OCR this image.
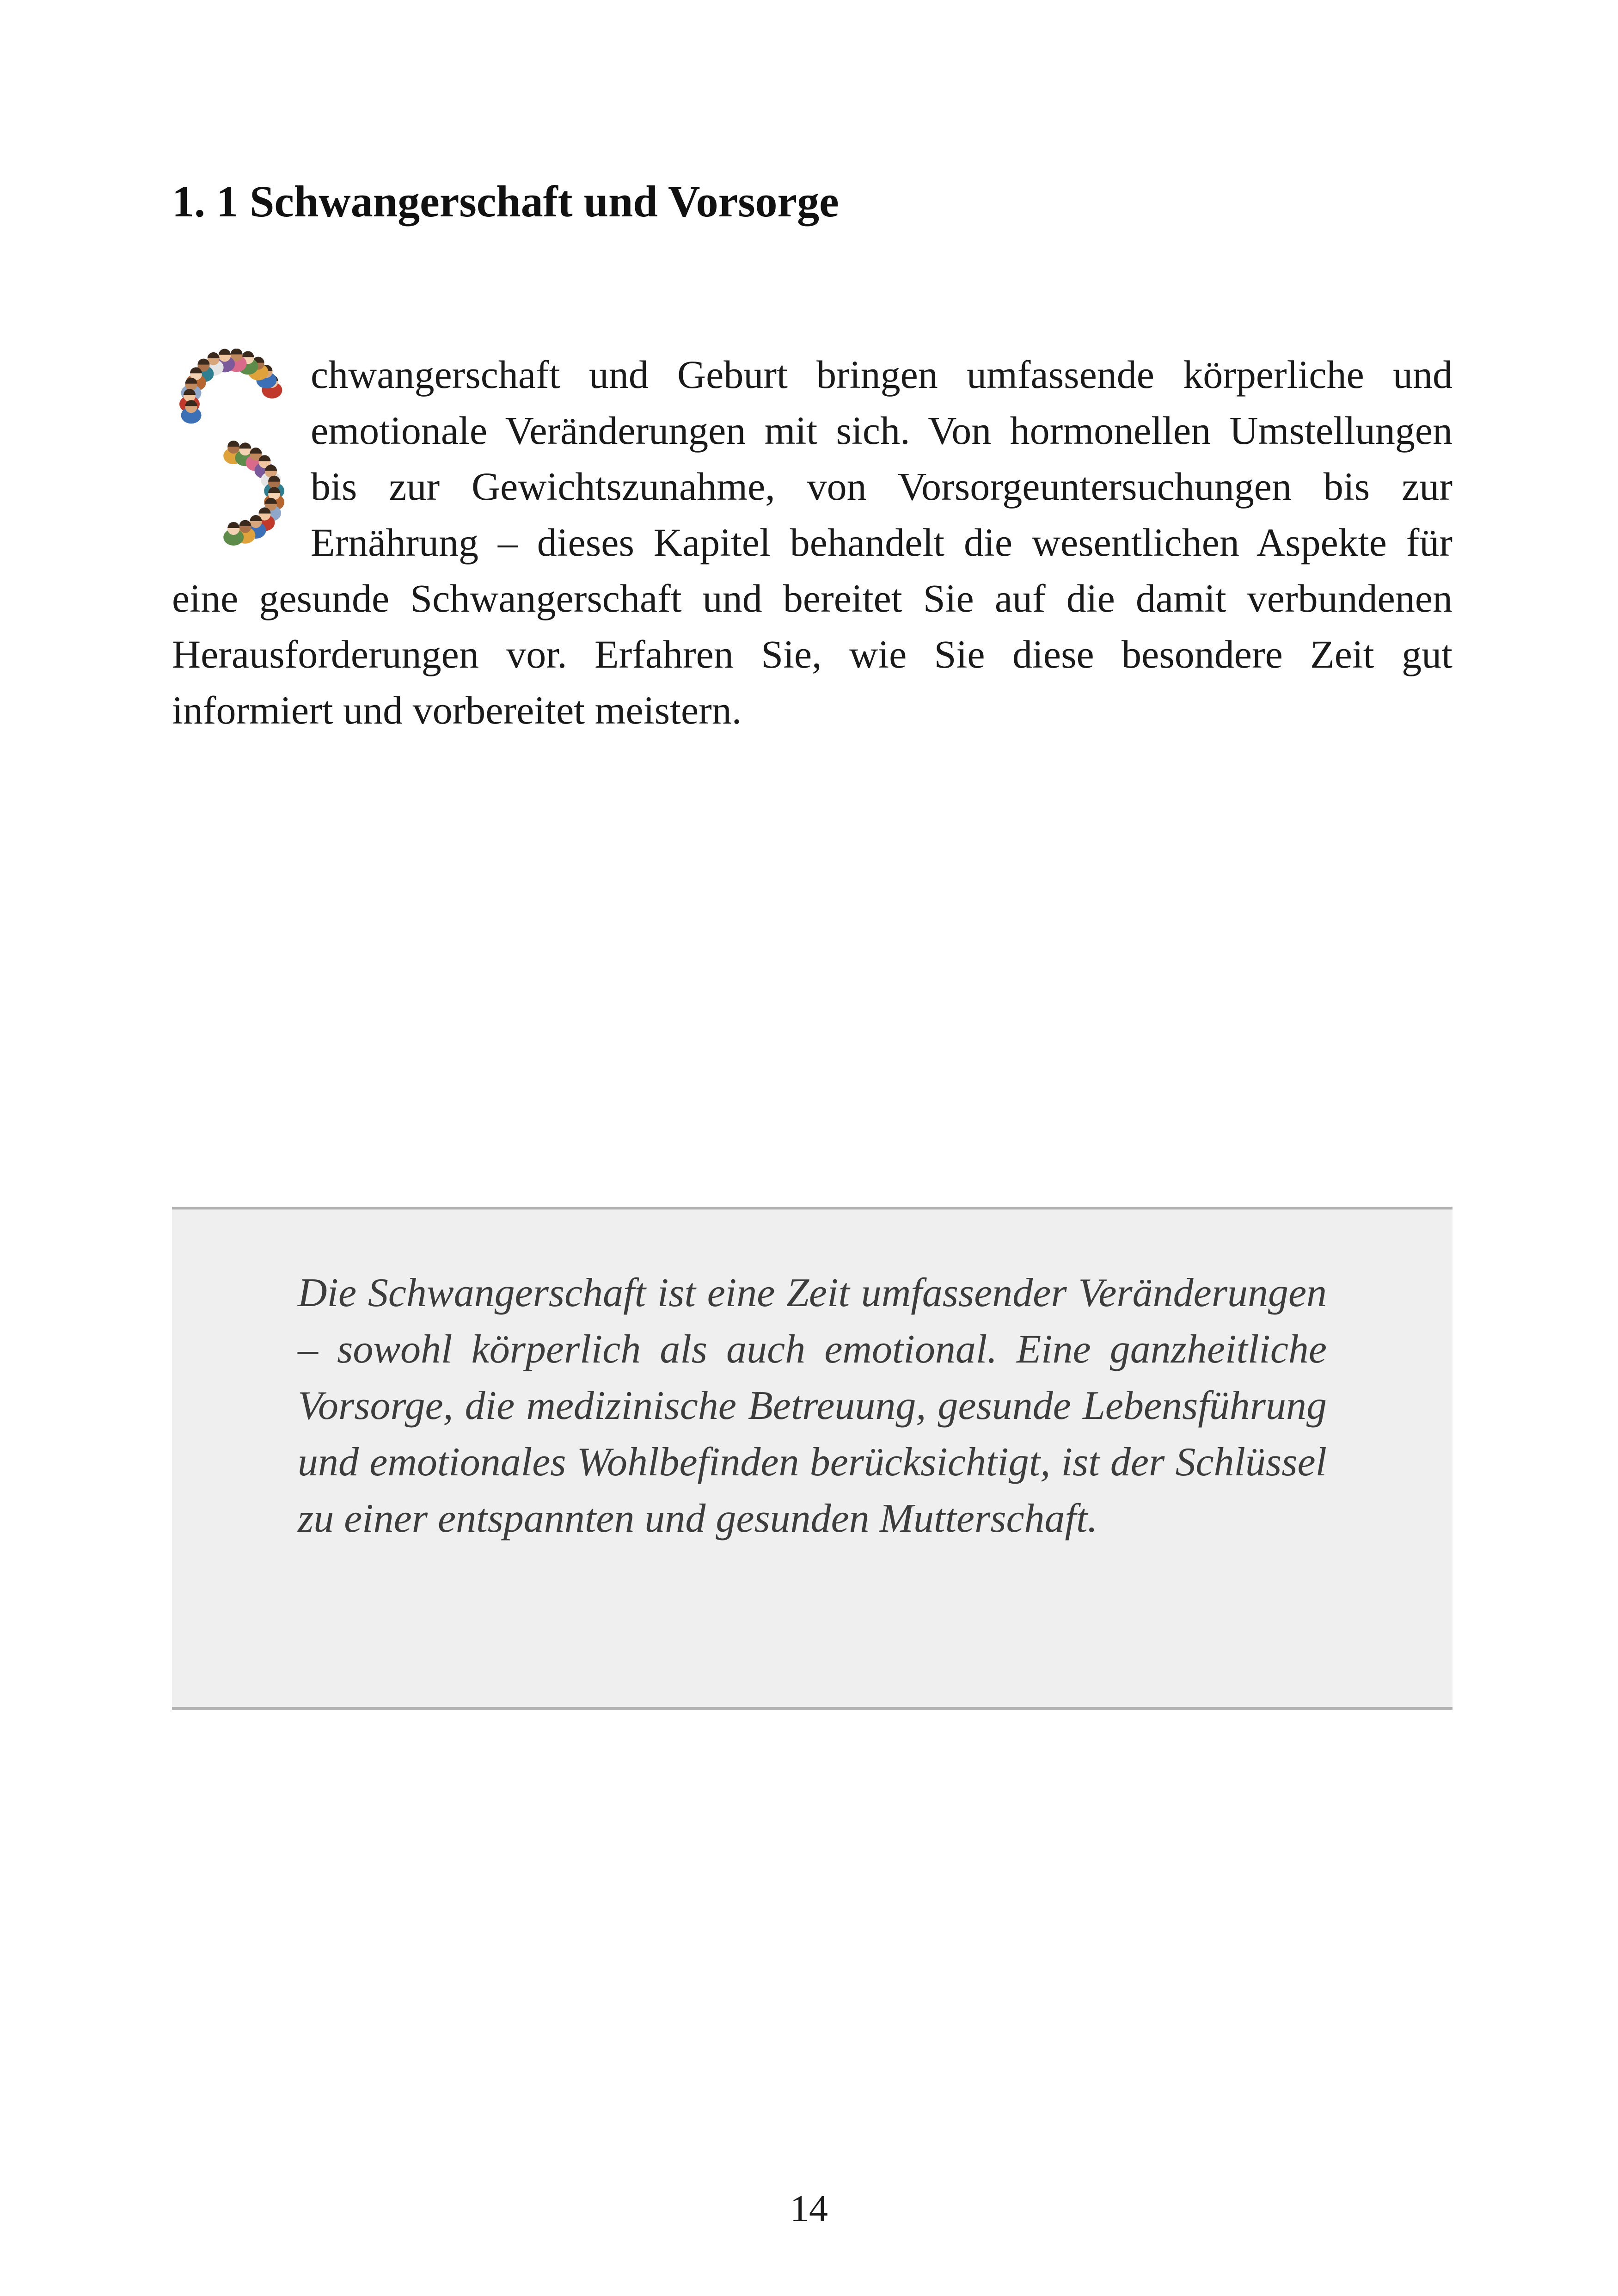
1. 1 Schwangerschaft und Vorsorge

chwangerschaft und Geburt bringen umfassende körperliche und emotionale Veränderungen mit sich. Von hormonellen Umstellungen bis zur Gewichtszunahme, von Vorsorgeuntersuchungen bis zur Ernährung – dieses Kapitel behandelt die wesentlichen Aspekte für eine gesunde Schwangerschaft und bereitet Sie auf die damit verbundenen Herausforderungen vor. Erfahren Sie, wie Sie diese besondere Zeit gut informiert und vorbereitet meistern.

Die Schwangerschaft ist eine Zeit umfassender Veränderungen – sowohl körperlich als auch emotional. Eine ganzheitliche Vorsorge, die medizinische Betreuung, gesunde Lebensführung und emotionales Wohlbefinden berücksichtigt, ist der Schlüssel zu einer entspannten und gesunden Mutterschaft.

14
